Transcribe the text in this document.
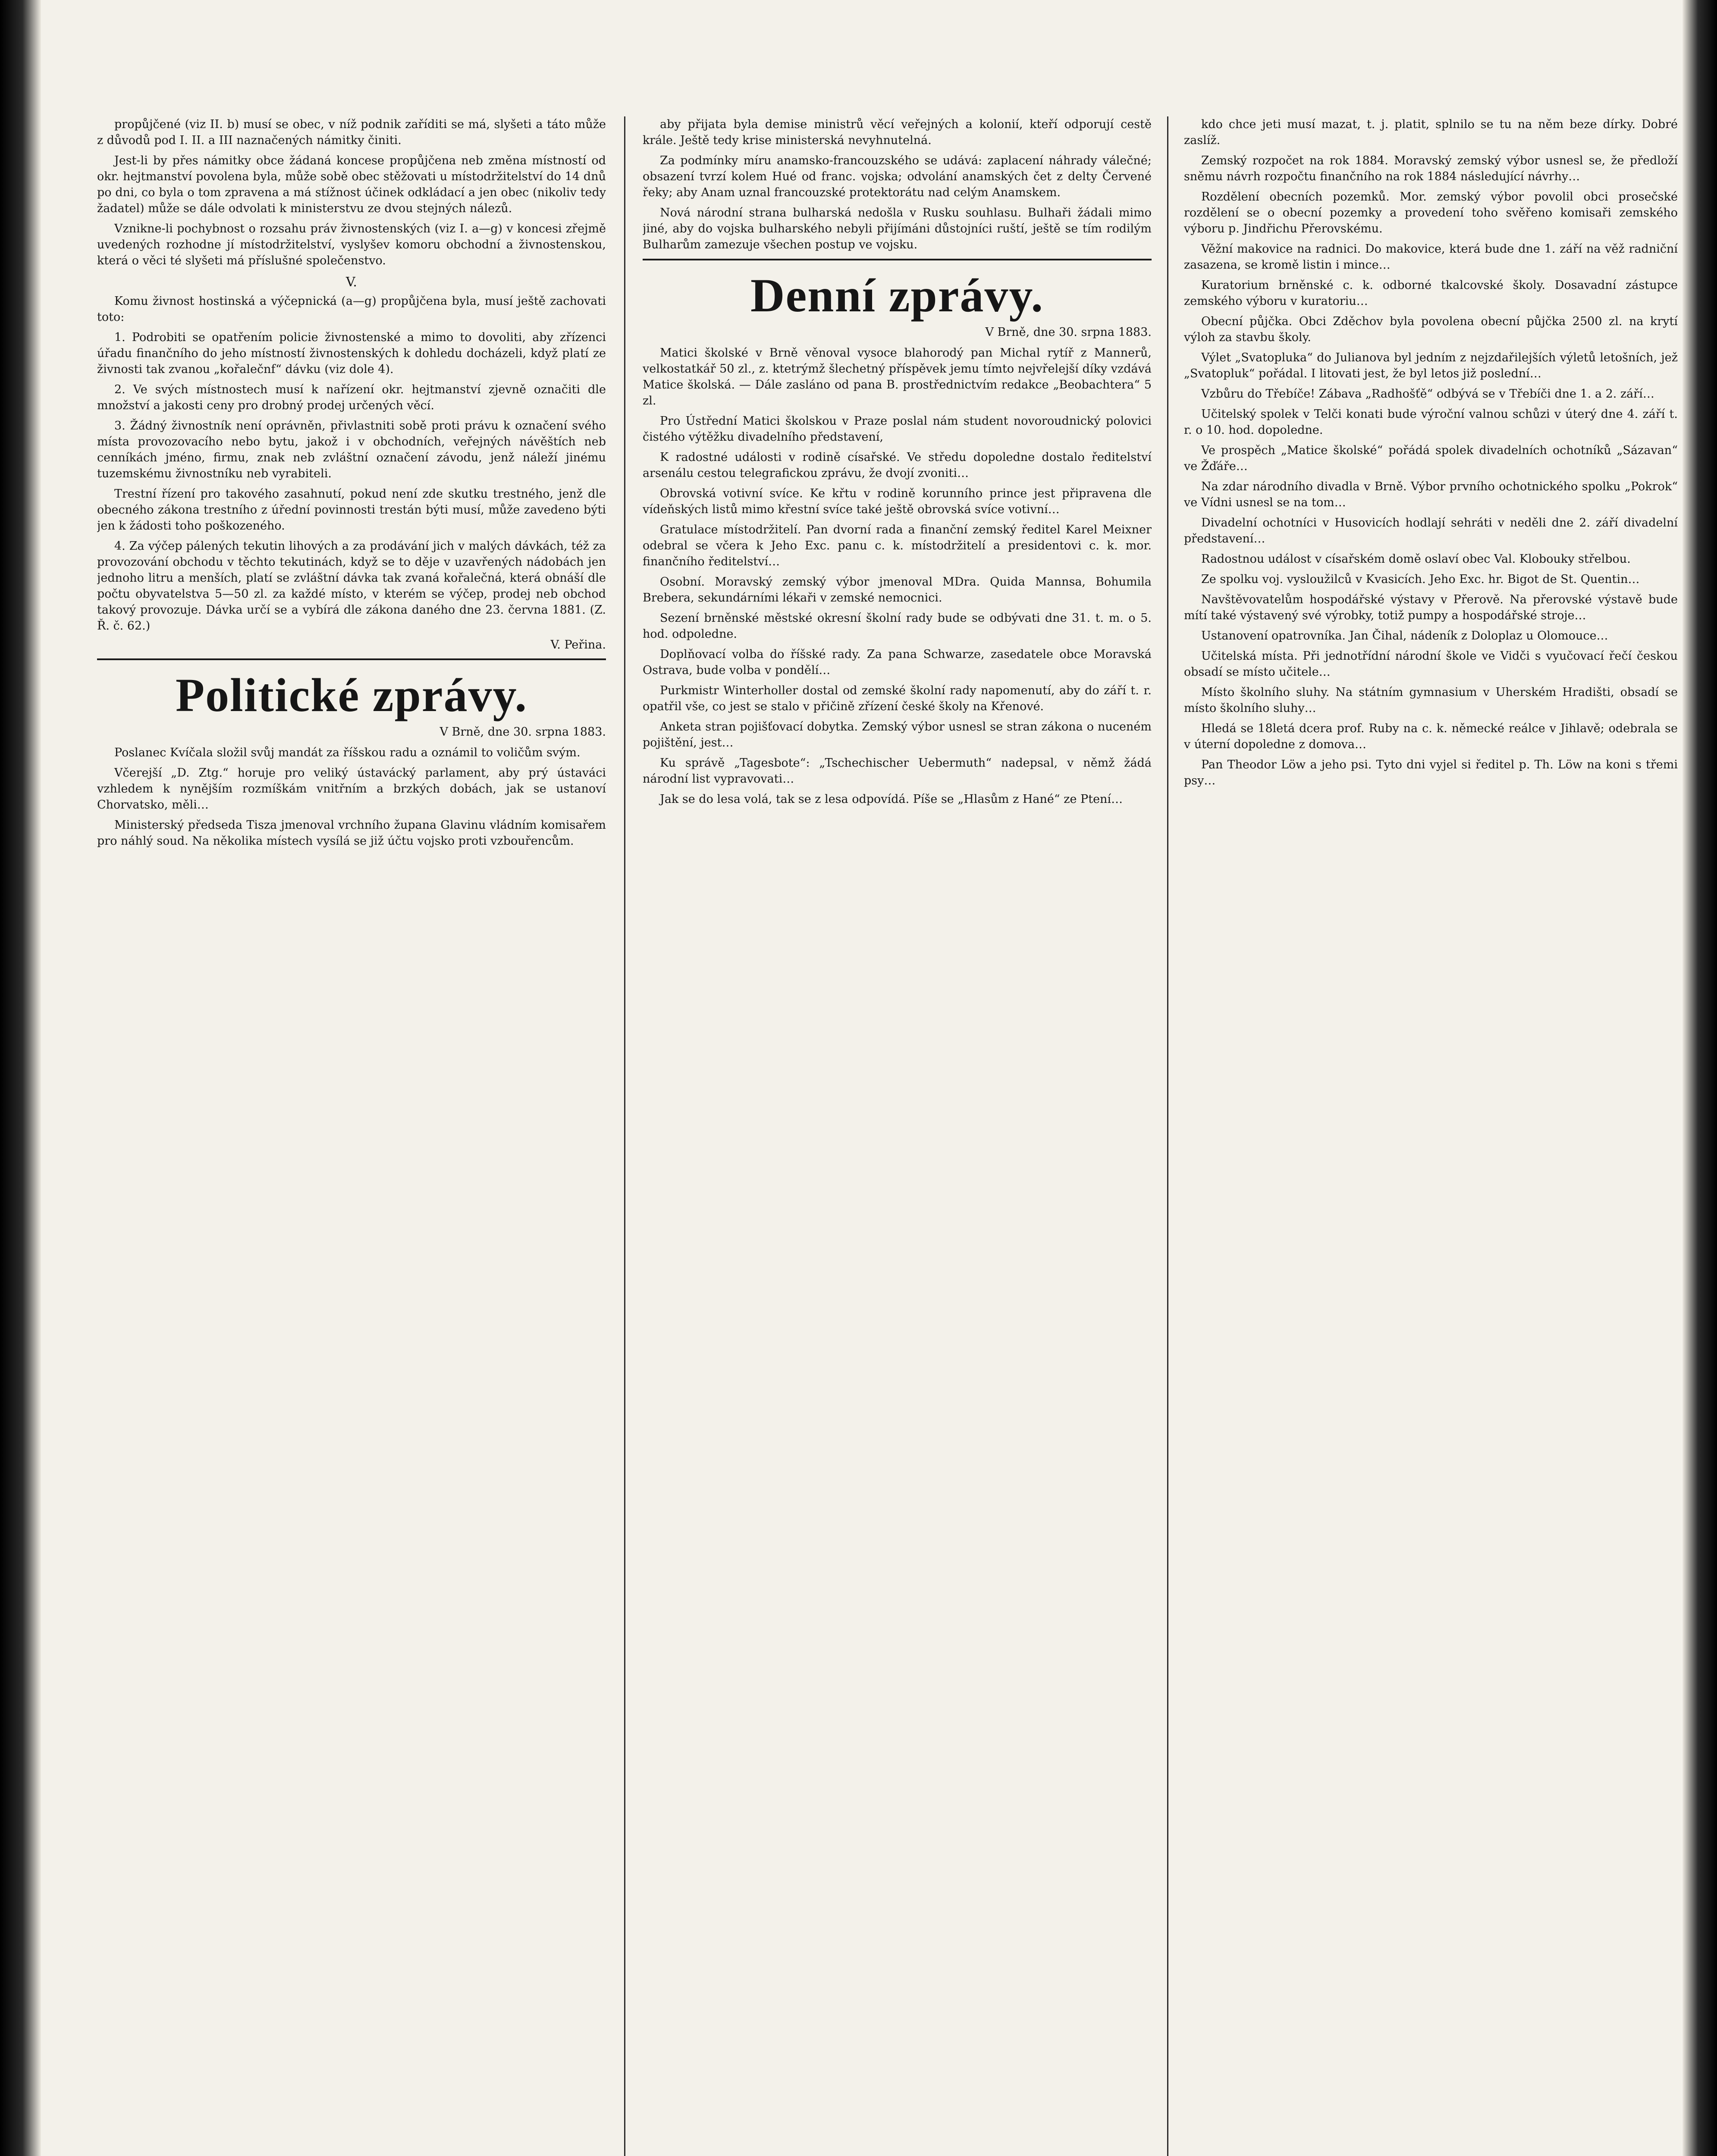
propůjčené (viz II. b) musí se obec, v níž podnik zaříditi se má, slyšeti a táto může z důvodů pod I. II. a III naznačených námitky činiti.

Jest-li by přes námitky obce žádaná koncese propůjčena neb změna místností od okr. hejtmanství povolena byla, může sobě obec stěžovati u místodržitelství do 14 dnů po dni, co byla o tom zpravena a má stížnost účinek odkládací a jen obec (nikoliv tedy žadatel) může se dále odvolati k ministerstvu ze dvou stejných nálezů.

Vznikne-li pochybnost o rozsahu práv živnostenských (viz I. a—g) v koncesi zřejmě uvedených rozhodne jí místodržitelství, vyslyšev komoru obchodní a živnostenskou, která o věci té slyšeti má příslušné společenstvo.

V.

Komu živnost hostinská a výčepnická (a—g) propůjčena byla, musí ještě zachovati toto:

1. Podrobiti se opatřením policie živnostenské a mimo to dovoliti, aby zřízenci úřadu finančního do jeho místností živnostenských k dohledu docházeli, když platí ze živnosti tak zvanou „kořalečnf“ dávku (viz dole 4).

2. Ve svých místnostech musí k nařízení okr. hejtmanství zjevně označiti dle množství a jakosti ceny pro drobný prodej určených věcí.

3. Žádný živnostník není oprávněn, přivlastniti sobě proti právu k označení svého místa provozovacího nebo bytu, jakož i v obchodních, veřejných návěštích neb cenníkách jméno, firmu, znak neb zvláštní označení závodu, jenž náleží jinému tuzemskému živnostníku neb vyrabiteli.

Trestní řízení pro takového zasahnutí, pokud není zde skutku trestného, jenž dle obecného zákona trestního z úřední povinnosti trestán býti musí, může zavedeno býti jen k žádosti toho poškozeného.

4. Za výčep pálených tekutin lihových a za prodávání jich v malých dávkách, též za provozování obchodu v těchto tekutinách, když se to děje v uzavřených nádobách jen jednoho litru a menších, platí se zvláštní dávka tak zvaná kořalečná, která obnáší dle počtu obyvatelstva 5—50 zl. za každé místo, v kterém se výčep, prodej neb obchod takový provozuje. Dávka určí se a vybírá dle zákona daného dne 23. června 1881. (Z. Ř. č. 62.)

V. Peřina.
Politické zprávy.
V Brně, dne 30. srpna 1883.

Poslanec Kvíčala složil svůj mandát za říšskou radu a oznámil to voličům svým.

Včerejší „D. Ztg.“ horuje pro veliký ústavácký parlament, aby prý ústaváci vzhledem k nynějším rozmíškám vnitřním a brzkých dobách, jak se ustanoví Chorvatsko, měli…

Ministerský předseda Tisza jmenoval vrchního župana Glavinu vládním komisařem pro náhlý soud. Na několika místech vysílá se již účtu vojsko proti vzbouřencům.

aby přijata byla demise ministrů věcí veřejných a kolonií, kteří odporují cestě krále. Ještě tedy krise ministerská nevyhnutelná.

Za podmínky míru anamsko-francouzského se udává: zaplacení náhrady válečné; obsazení tvrzí kolem Hué od franc. vojska; odvolání anamských čet z delty Červené řeky; aby Anam uznal francouzské protektorátu nad celým Anamskem.

Nová národní strana bulharská nedošla v Rusku souhlasu. Bulhaři žádali mimo jiné, aby do vojska bulharského nebyli přijímáni důstojníci ruští, ještě se tím rodilým Bulharům zamezuje všechen postup ve vojsku.

Denní zprávy.
V Brně, dne 30. srpna 1883.

Matici školské v Brně věnoval vysoce blahorodý pan Michal rytíř z Mannerů, velkostatkář 50 zl., z. ktetrýmž šlechetný příspěvek jemu tímto nejvřelejší díky vzdává Matice školská. — Dále zasláno od pana B. prostřednictvím redakce „Beobachtera“ 5 zl.

Pro Ústřední Matici školskou v Praze poslal nám student novoroudnický polovici čistého výtěžku divadelního představení,

K radostné události v rodině císařské. Ve středu dopoledne dostalo ředitelství arsenálu cestou telegrafickou zprávu, že dvojí zvoniti…

Obrovská votivní svíce. Ke křtu v rodině korunního prince jest připravena dle vídeňských listů mimo křestní svíce také ještě obrovská svíce votivní…

Gratulace místodržitelí. Pan dvorní rada a finanční zemský ředitel Karel Meixner odebral se včera k Jeho Exc. panu c. k. místodržitelí a presidentovi c. k. mor. finančního ředitelství…

Osobní. Moravský zemský výbor jmenoval MDra. Quida Mannsa, Bohumila Brebera, sekundárními lékaři v zemské nemocnici.

Sezení brněnské městské okresní školní rady bude se odbývati dne 31. t. m. o 5. hod. odpoledne.

Doplňovací volba do říšské rady. Za pana Schwarze, zasedatele obce Moravská Ostrava, bude volba v pondělí…

Purkmistr Winterholler dostal od zemské školní rady napomenutí, aby do září t. r. opatřil vše, co jest se stalo v přičině zřízení české školy na Křenové.

Anketa stran pojišťovací dobytka. Zemský výbor usnesl se stran zákona o nuceném pojištění, jest…

Ku správě „Tagesbote“: „Tschechischer Uebermuth“ nadepsal, v němž žádá národní list vypravovati…

Jak se do lesa volá, tak se z lesa odpovídá. Píše se „Hlasům z Hané“ ze Ptení…

kdo chce jeti musí mazat, t. j. platit, splnilo se tu na něm beze dírky. Dobré zaslíž.

Zemský rozpočet na rok 1884. Moravský zemský výbor usnesl se, že předloží sněmu návrh rozpočtu finančního na rok 1884 následující návrhy…

Rozdělení obecních pozemků. Mor. zemský výbor povolil obci prosečské rozdělení se o obecní pozemky a provedení toho svěřeno komisaři zemského výboru p. Jindřichu Přerovskému.

Věžní makovice na radnici. Do makovice, která bude dne 1. září na věž radniční zasazena, se kromě listin i mince…

Kuratorium brněnské c. k. odborné tkalcovské školy. Dosavadní zástupce zemského výboru v kuratoriu…

Obecní půjčka. Obci Zděchov byla povolena obecní půjčka 2500 zl. na krytí výloh za stavbu školy.

Výlet „Svatopluka“ do Julianova byl jedním z nejzdařilejších výletů letošních, jež „Svatopluk“ pořádal. I litovati jest, že byl letos již poslední…

Vzbůru do Třebíče! Zábava „Radhošťě“ odbývá se v Třebíči dne 1. a 2. září…

Učitelský spolek v Telči konati bude výroční valnou schůzi v úterý dne 4. září t. r. o 10. hod. dopoledne.

Ve prospěch „Matice školské“ pořádá spolek divadelních ochotníků „Sázavan“ ve Žďáře…

Na zdar národního divadla v Brně. Výbor prvního ochotnického spolku „Pokrok“ ve Vídni usnesl se na tom…

Divadelní ochotníci v Husovicích hodlají sehráti v neděli dne 2. září divadelní představení…

Radostnou událost v císařském domě oslaví obec Val. Klobouky střelbou.

Ze spolku voj. vysloužilců v Kvasicích. Jeho Exc. hr. Bigot de St. Quentin…

Navštěvovatelům hospodářské výstavy v Přerově. Na přerovské výstavě bude mítí také výstavený své výrobky, totiž pumpy a hospodářské stroje…

Ustanovení opatrovníka. Jan Čihal, nádeník z Doloplaz u Olomouce…

Učitelská místa. Při jednotřídní národní škole ve Vidči s vyučovací řečí českou obsadí se místo učitele…

Místo školního sluhy. Na státním gymnasium v Uherském Hradišti, obsadí se místo školního sluhy…

Hledá se 18letá dcera prof. Ruby na c. k. německé reálce v Jihlavě; odebrala se v úterní dopoledne z domova…

Pan Theodor Löw a jeho psi. Tyto dni vyjel si ředitel p. Th. Löw na koni s třemi psy…
